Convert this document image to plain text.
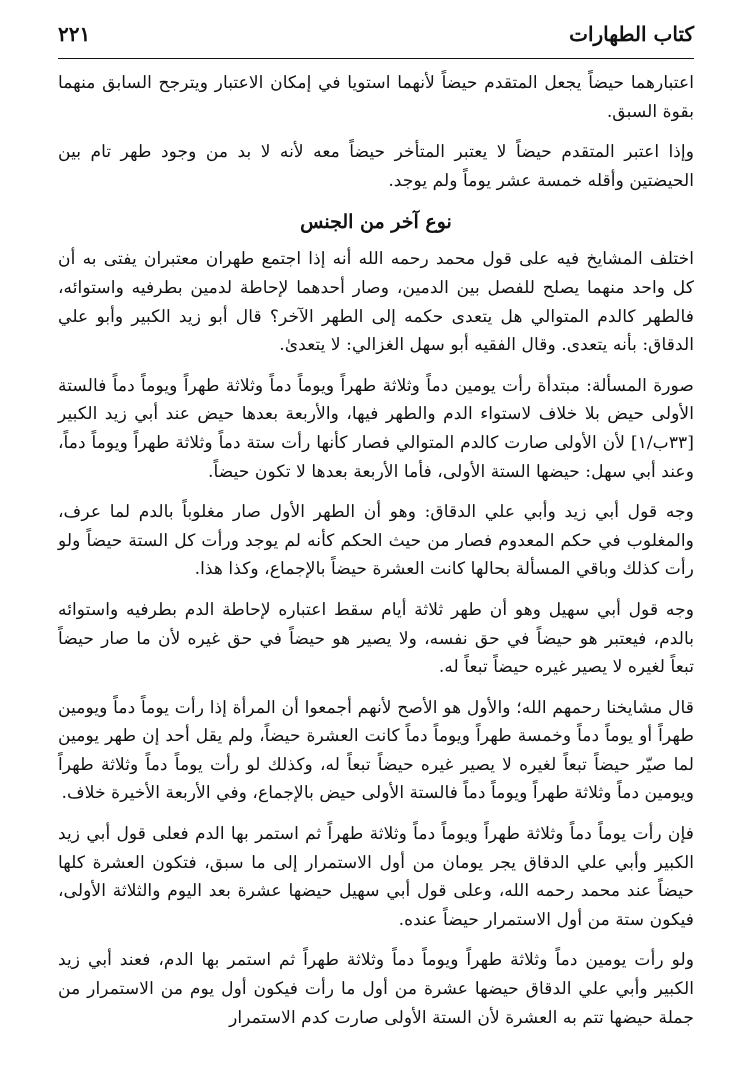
كتاب الطهارات
٢٢١

اعتبارهما حيضاً يجعل المتقدم حيضاً لأنهما استويا في إمكان الاعتبار ويترجح السابق منهما بقوة السبق.

وإذا اعتبر المتقدم حيضاً لا يعتبر المتأخر حيضاً معه لأنه لا بد من وجود طهر تام بين الحيضتين وأقله خمسة عشر يوماً ولم يوجد.

نوع آخر من الجنس

اختلف المشايخ فيه على قول محمد رحمه الله أنه إذا اجتمع طهران معتبران يفتى به أن كل واحد منهما يصلح للفصل بين الدمين، وصار أحدهما لإحاطة لدمين بطرفيه واستوائه، فالطهر كالدم المتوالي هل يتعدى حكمه إلى الطهر الآخر؟ قال أبو زيد الكبير وأبو علي الدقاق: بأنه يتعدى. وقال الفقيه أبو سهل الغزالي: لا يتعدىٰ.

صورة المسألة: مبتدأة رأت يومين دماً وثلاثة طهراً ويوماً دماً وثلاثة طهراً ويوماً دماً فالستة الأولى حيض بلا خلاف لاستواء الدم والطهر فيها، والأربعة بعدها حيض عند أبي زيد الكبير [٣٣ب/١] لأن الأولى صارت كالدم المتوالي فصار كأنها رأت ستة دماً وثلاثة طهراً ويوماً دماً، وعند أبي سهل: حيضها الستة الأولى، فأما الأربعة بعدها لا تكون حيضاً.

وجه قول أبي زيد وأبي علي الدقاق: وهو أن الطهر الأول صار مغلوباً بالدم لما عرف، والمغلوب في حكم المعدوم فصار من حيث الحكم كأنه لم يوجد ورأت كل الستة حيضاً ولو رأت كذلك وباقي المسألة بحالها كانت العشرة حيضاً بالإجماع، وكذا هذا.

وجه قول أبي سهيل وهو أن طهر ثلاثة أيام سقط اعتباره لإحاطة الدم بطرفيه واستوائه بالدم، فيعتبر هو حيضاً في حق نفسه، ولا يصير هو حيضاً في حق غيره لأن ما صار حيضاً تبعاً لغيره لا يصير غيره حيضاً تبعاً له.

قال مشايخنا رحمهم الله؛ والأول هو الأصح لأنهم أجمعوا أن المرأة إذا رأت يوماً دماً ويومين طهراً أو يوماً دماً وخمسة طهراً ويوماً دماً كانت العشرة حيضاً، ولم يقل أحد إن طهر يومين لما صيّر حيضاً تبعاً لغيره لا يصير غيره حيضاً تبعاً له، وكذلك لو رأت يوماً دماً وثلاثة طهراً ويومين دماً وثلاثة طهراً ويوماً دماً فالستة الأولى حيض بالإجماع، وفي الأربعة الأخيرة خلاف.

فإن رأت يوماً دماً وثلاثة طهراً ويوماً دماً وثلاثة طهراً ثم استمر بها الدم فعلى قول أبي زيد الكبير وأبي علي الدقاق يجر يومان من أول الاستمرار إلى ما سبق، فتكون العشرة كلها حيضاً عند محمد رحمه الله، وعلى قول أبي سهيل حيضها عشرة بعد اليوم والثلاثة الأولى، فيكون ستة من أول الاستمرار حيضاً عنده.

ولو رأت يومين دماً وثلاثة طهراً ويوماً دماً وثلاثة طهراً ثم استمر بها الدم، فعند أبي زيد الكبير وأبي علي الدقاق حيضها عشرة من أول ما رأت فيكون أول يوم من الاستمرار من جملة حيضها تتم به العشرة لأن الستة الأولى صارت كدم الاستمرار
